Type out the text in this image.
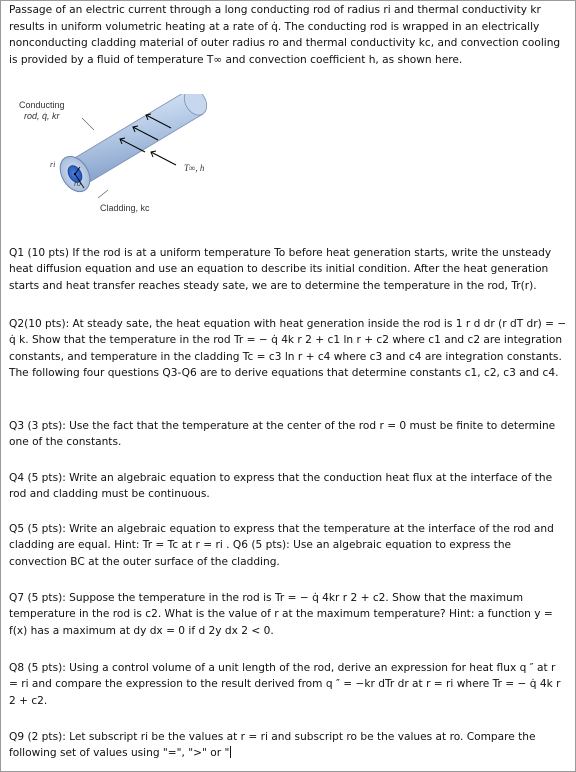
Passage of an electric current through a long conducting rod of radius ri and thermal conductivity kr results in uniform volumetric heating at a rate of q̇. The conducting rod is wrapped in an electrically nonconducting cladding material of outer radius ro and thermal conductivity kc, and convection cooling is provided by a fluid of temperature T∞ and convection coefficient h, as shown here.
Conducting
rod, q̇, kr
ri
ro
T∞, h
Cladding, kc
Q1 (10 pts) If the rod is at a uniform temperature To before heat generation starts, write the unsteady heat diffusion equation and use an equation to describe its initial condition. After the heat generation starts and heat transfer reaches steady sate, we are to determine the temperature in the rod, Tr(r).
Q2(10 pts): At steady sate, the heat equation with heat generation inside the rod is 1 r d dr (r dT dr) = − q̇ k. Show that the temperature in the rod Tr = − q̇ 4k r 2 + c1 ln r + c2 where c1 and c2 are integration constants, and temperature in the cladding Tc = c3 ln r + c4 where c3 and c4 are integration constants. The following four questions Q3-Q6 are to derive equations that determine constants c1, c2, c3 and c4.
Q3 (3 pts): Use the fact that the temperature at the center of the rod r = 0 must be finite to determine one of the constants.
Q4 (5 pts): Write an algebraic equation to express that the conduction heat flux at the interface of the rod and cladding must be continuous.
Q5 (5 pts): Write an algebraic equation to express that the temperature at the interface of the rod and cladding are equal. Hint: Tr = Tc at r = ri . Q6 (5 pts): Use an algebraic equation to express the convection BC at the outer surface of the cladding.
Q7 (5 pts): Suppose the temperature in the rod is Tr = − q̇ 4kr r 2 + c2. Show that the maximum temperature in the rod is c2. What is the value of r at the maximum temperature? Hint: a function y = f(x) has a maximum at dy dx = 0 if d 2y dx 2 < 0.
Q8 (5 pts): Using a control volume of a unit length of the rod, derive an expression for heat flux q ″ at r = ri and compare the expression to the result derived from q ″ = −kr dTr dr at r = ri where Tr = − q̇ 4k r 2 + c2.
Q9 (2 pts): Let subscript ri be the values at r = ri and subscript ro be the values at ro. Compare the following set of values using "=", ">" or "
